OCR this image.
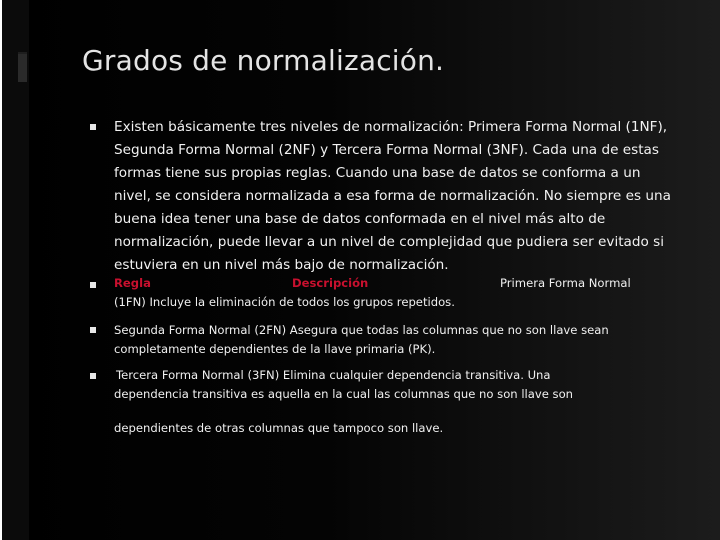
Grados de normalización.
Existen básicamente tres niveles de normalización: Primera Forma Normal (1NF), Segunda Forma Normal (2NF) y Tercera Forma Normal (3NF). Cada una de estas formas tiene sus propias reglas. Cuando una base de datos se conforma a un nivel, se considera normalizada a esa forma de normalización. No siempre es una buena idea tener una base de datos conformada en el nivel más alto de normalización, puede llevar a un nivel de complejidad que pudiera ser evitado si estuviera en un nivel más bajo de normalización.
Regla	Descripción	Primera Forma Normal
(1FN) Incluye la eliminación de todos los grupos repetidos.
Segunda Forma Normal (2FN) Asegura que todas las columnas que no son llave sean
completamente dependientes de la llave primaria (PK).
Tercera Forma Normal (3FN) Elimina cualquier dependencia transitiva. Una
dependencia transitiva es aquella en la cual las columnas que no son llave son
dependientes de otras columnas que tampoco son llave.
